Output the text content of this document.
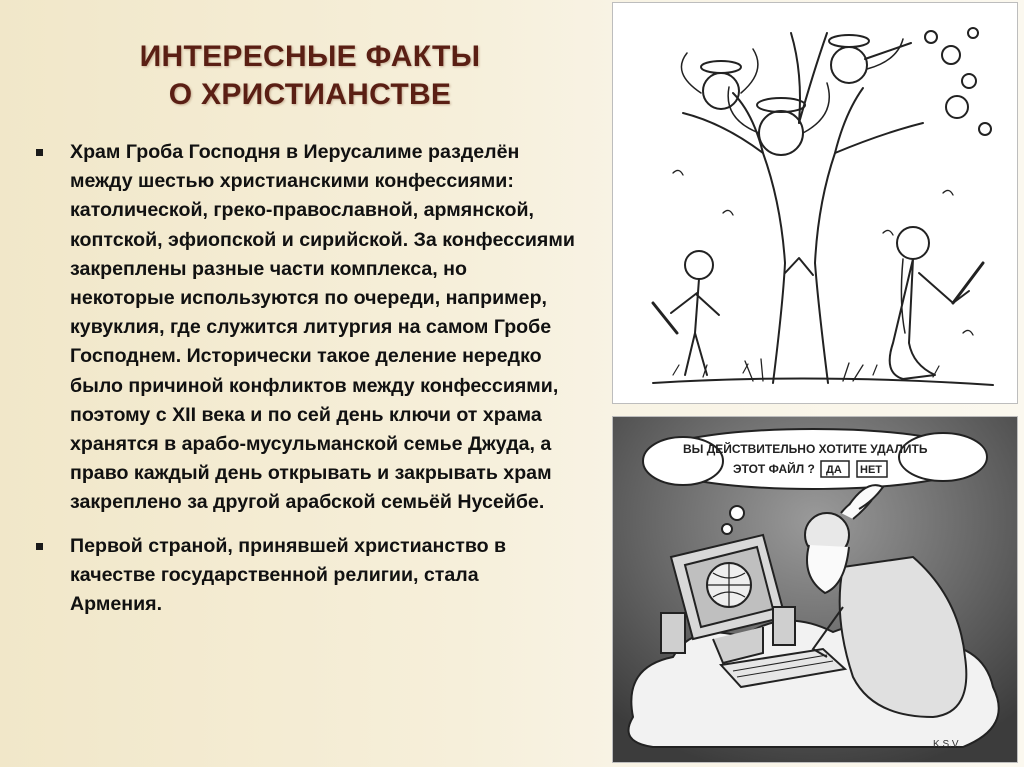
ИНТЕРЕСНЫЕ ФАКТЫ
О ХРИСТИАНСТВЕ
Храм Гроба Господня в Иерусалиме разделён между шестью христианскими конфессиями: католической, греко-православной, армянской, коптской, эфиопской и сирийской. За конфессиями закреплены разные части комплекса, но некоторые используются по очереди, например, кувуклия, где служится литургия на самом Гробе Господнем. Исторически такое деление нередко было причиной конфликтов между конфессиями, поэтому с XII века и по сей день ключи от храма хранятся в арабо-мусульманской семье Джуда, а право каждый день открывать и закрывать храм закреплено за другой арабской семьёй Нусейбе.
Первой страной, принявшей христианство в качестве государственной религии, стала Армения.
ВЫ ДЕЙСТВИТЕЛЬНО ХОТИТЕ УДАЛИТЬ
ЭТОТ ФАЙЛ ? ДА НЕТ
K.S.V.
